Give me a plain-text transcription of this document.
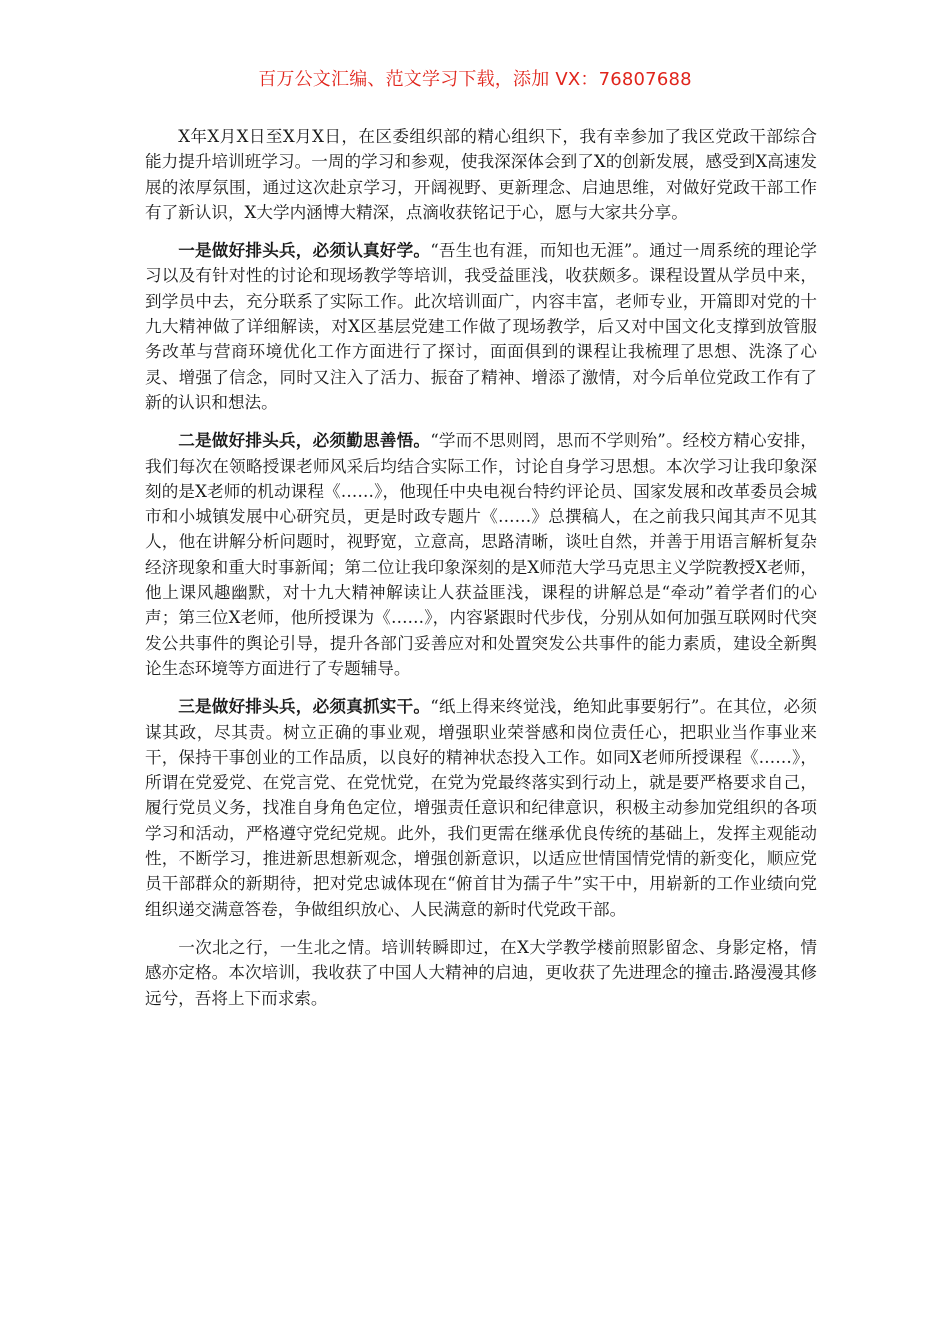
百万公文汇编、范文学习下载，添加 VX：76807688

X年X月X日至X月X日，在区委组织部的精心组织下，我有幸参加了我区党政干部综合能力提升培训班学习。一周的学习和参观，使我深深体会到了X的创新发展，感受到X高速发展的浓厚氛围，通过这次赴京学习，开阔视野、更新理念、启迪思维，对做好党政干部工作有了新认识，X大学内涵博大精深，点滴收获铭记于心，愿与大家共分享。

一是做好排头兵，必须认真好学。“吾生也有涯，而知也无涯”。通过一周系统的理论学习以及有针对性的讨论和现场教学等培训，我受益匪浅，收获颇多。课程设置从学员中来，到学员中去，充分联系了实际工作。此次培训面广，内容丰富，老师专业，开篇即对党的十九大精神做了详细解读，对X区基层党建工作做了现场教学，后又对中国文化支撑到放管服务改革与营商环境优化工作方面进行了探讨，面面俱到的课程让我梳理了思想、洗涤了心灵、增强了信念，同时又注入了活力、振奋了精神、增添了激情，对今后单位党政工作有了新的认识和想法。

二是做好排头兵，必须勤思善悟。“学而不思则罔，思而不学则殆”。经校方精心安排，我们每次在领略授课老师风采后均结合实际工作，讨论自身学习思想。本次学习让我印象深刻的是X老师的机动课程《……》，他现任中央电视台特约评论员、国家发展和改革委员会城市和小城镇发展中心研究员，更是时政专题片《……》总撰稿人，在之前我只闻其声不见其人，他在讲解分析问题时，视野宽，立意高，思路清晰，谈吐自然，并善于用语言解析复杂经济现象和重大时事新闻；第二位让我印象深刻的是X师范大学马克思主义学院教授X老师，他上课风趣幽默，对十九大精神解读让人获益匪浅，课程的讲解总是“牵动”着学者们的心声；第三位X老师，他所授课为《……》，内容紧跟时代步伐，分别从如何加强互联网时代突发公共事件的舆论引导，提升各部门妥善应对和处置突发公共事件的能力素质，建设全新舆论生态环境等方面进行了专题辅导。

三是做好排头兵，必须真抓实干。“纸上得来终觉浅，绝知此事要躬行”。在其位，必须谋其政，尽其责。树立正确的事业观，增强职业荣誉感和岗位责任心，把职业当作事业来干，保持干事创业的工作品质，以良好的精神状态投入工作。如同X老师所授课程《……》，所谓在党爱党、在党言党、在党忧党，在党为党最终落实到行动上，就是要严格要求自己，履行党员义务，找准自身角色定位，增强责任意识和纪律意识，积极主动参加党组织的各项学习和活动，严格遵守党纪党规。此外，我们更需在继承优良传统的基础上，发挥主观能动性，不断学习，推进新思想新观念，增强创新意识，以适应世情国情党情的新变化，顺应党员干部群众的新期待，把对党忠诚体现在“俯首甘为孺子牛”实干中，用崭新的工作业绩向党组织递交满意答卷，争做组织放心、人民满意的新时代党政干部。

一次北之行，一生北之情。培训转瞬即过，在X大学教学楼前照影留念、身影定格，情感亦定格。本次培训，我收获了中国人大精神的启迪，更收获了先进理念的撞击.路漫漫其修远兮，吾将上下而求索。
